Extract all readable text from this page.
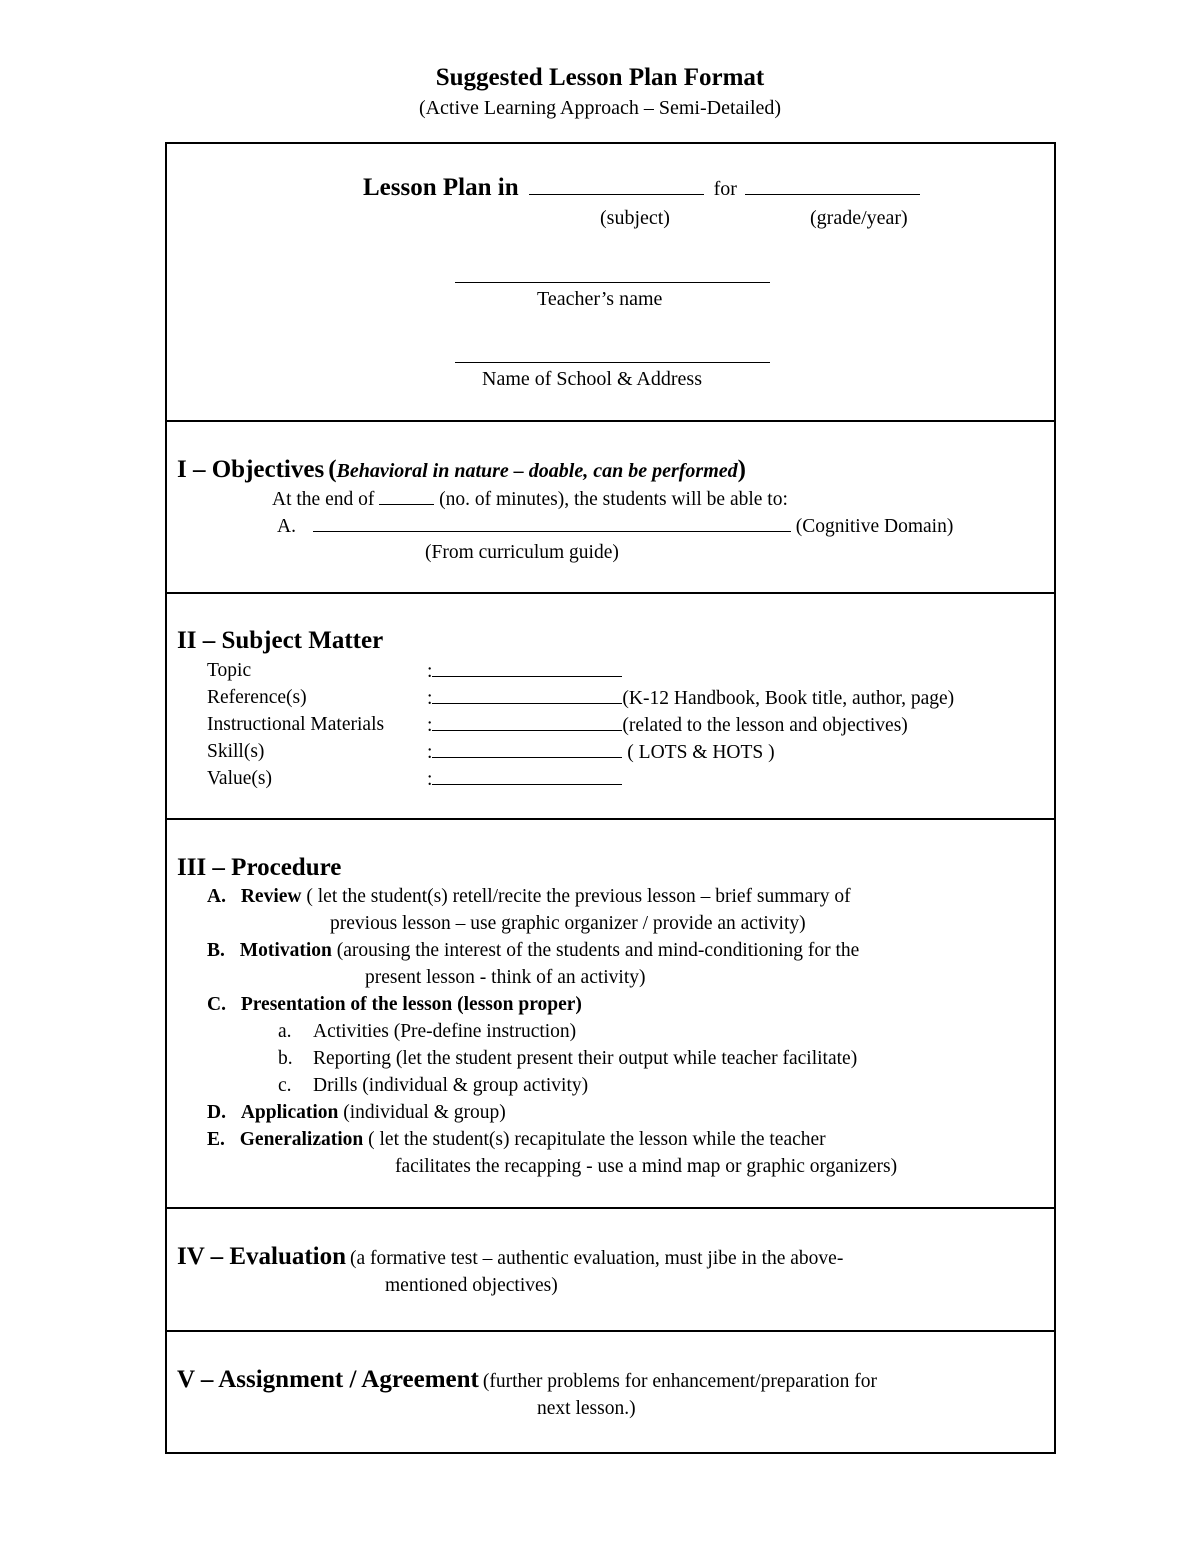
Suggested Lesson Plan Format
(Active Learning Approach – Semi-Detailed)
Lesson Plan in	for
(subject)	(grade/year)
Teacher’s name
Name of School & Address
I – Objectives (Behavioral in nature – doable, can be performed)
At the end of	(no. of minutes), the students will be able to:
A.	(Cognitive Domain)
(From curriculum guide)
II – Subject Matter
Topic	:
Reference(s)	:	(K-12 Handbook, Book title, author, page)
Instructional Materials :	(related to the lesson and objectives)
Skill(s)	:	( LOTS & HOTS )
Value(s)	:
III – Procedure
A. Review ( let the student(s) retell/recite the previous lesson – brief summary of
previous lesson – use graphic organizer / provide an activity)
B. Motivation (arousing the interest of the students and mind-conditioning for the
present lesson - think of an activity)
C. Presentation of the lesson (lesson proper)
a. Activities (Pre-define instruction)
b. Reporting (let the student present their output while teacher facilitate)
c. Drills (individual & group activity)
D. Application (individual & group)
E. Generalization ( let the student(s) recapitulate the lesson while the teacher
facilitates the recapping - use a mind map or graphic organizers)
IV – Evaluation (a formative test – authentic evaluation, must jibe in the above-
mentioned objectives)
V – Assignment / Agreement (further problems for enhancement/preparation for
next lesson.)
